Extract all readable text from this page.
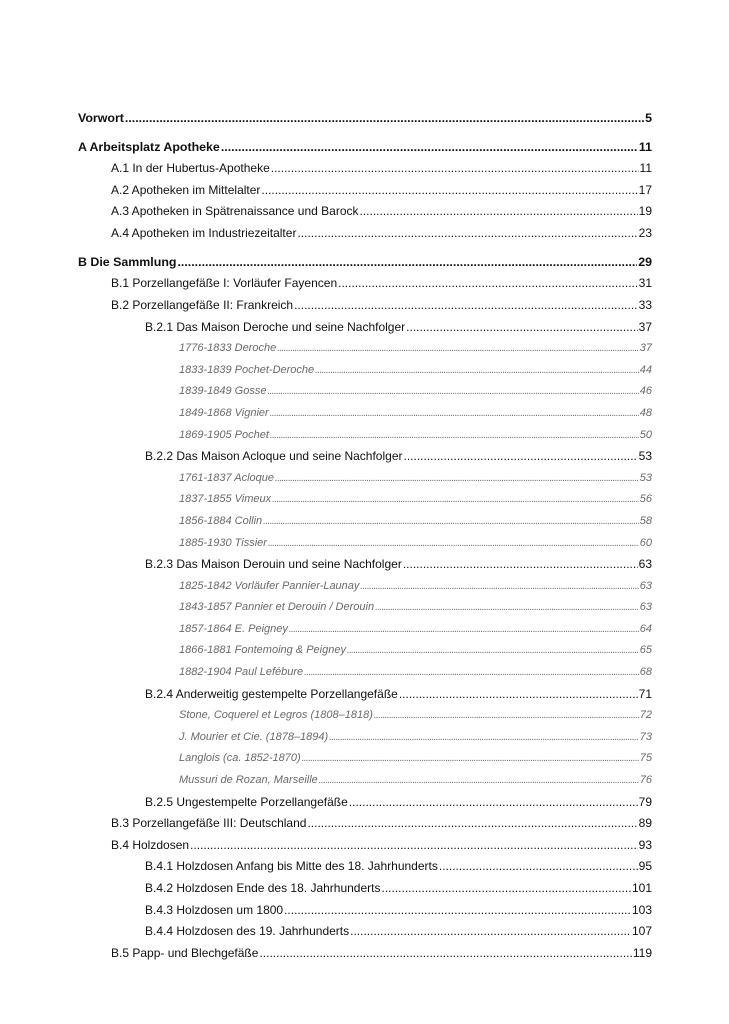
Vorwort .....	5
A Arbeitsplatz Apotheke .....	11
A.1 In der Hubertus-Apotheke .....	11
A.2 Apotheken im Mittelalter .....	17
A.3 Apotheken in Spätrenaissance und Barock .....	19
A.4 Apotheken im Industriezeitalter .....	23
B Die Sammlung .....	29
B.1 Porzellangefäße I: Vorläufer Fayencen .....	31
B.2 Porzellangefäße II: Frankreich .....	33
B.2.1 Das Maison Deroche und seine Nachfolger .....	37
1776-1833 Deroche .....	37
1833-1839 Pochet-Deroche .....	44
1839-1849 Gosse .....	46
1849-1868 Vignier .....	48
1869-1905 Pochet .....	50
B.2.2 Das Maison Acloque und seine Nachfolger .....	53
1761-1837 Acloque .....	53
1837-1855 Vimeux .....	56
1856-1884 Collin .....	58
1885-1930 Tissier .....	60
B.2.3 Das Maison Derouin und seine Nachfolger .....	63
1825-1842 Vorläufer Pannier-Launay .....	63
1843-1857 Pannier et Derouin / Derouin .....	63
1857-1864 E. Peigney .....	64
1866-1881 Fontemoing & Peigney .....	65
1882-1904 Paul Lefébure .....	68
B.2.4 Anderweitig gestempelte Porzellangefäße .....	71
Stone, Coquerel et Legros (1808–1818) .....	72
J. Mourier et Cie. (1878–1894) .....	73
Langlois (ca. 1852-1870) .....	75
Mussuri de Rozan, Marseille .....	76
B.2.5 Ungestempelte Porzellangefäße .....	79
B.3 Porzellangefäße III: Deutschland .....	89
B.4 Holzdosen .....	93
B.4.1 Holzdosen Anfang bis Mitte des 18. Jahrhunderts .....	95
B.4.2 Holzdosen Ende des 18. Jahrhunderts .....	101
B.4.3 Holzdosen um 1800 .....	103
B.4.4 Holzdosen des 19. Jahrhunderts .....	107
B.5 Papp- und Blechgefäße .....	119
